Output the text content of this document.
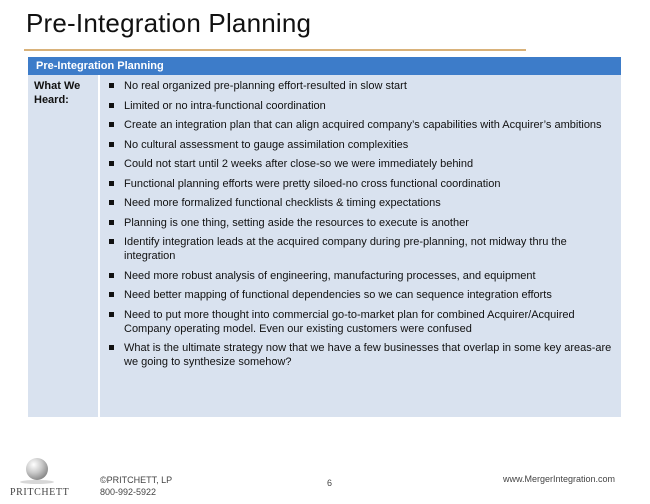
Pre-Integration Planning
Pre-Integration Planning
What We Heard:
No real organized pre-planning effort-resulted in slow start
Limited or no intra-functional coordination
Create an integration plan that can align acquired company’s capabilities with Acquirer’s ambitions
No cultural assessment to gauge assimilation complexities
Could not start until 2 weeks after close-so we were immediately behind
Functional planning efforts were pretty siloed-no cross functional coordination
Need more formalized functional checklists & timing expectations
Planning is one thing, setting aside the resources to execute is another
Identify integration leads at the acquired company during pre-planning, not midway thru the integration
Need more robust analysis of engineering, manufacturing processes, and equipment
Need better mapping of functional dependencies so we can sequence integration efforts
Need to put more thought into commercial go-to-market plan for combined Acquirer/Acquired Company operating model. Even our existing customers were confused
What is the ultimate strategy now that we have a few businesses that overlap in some key areas-are we going to synthesize somehow?
PRITCHETT
©PRITCHETT, LP
800-992-5922
6	www.MergerIntegration.com
